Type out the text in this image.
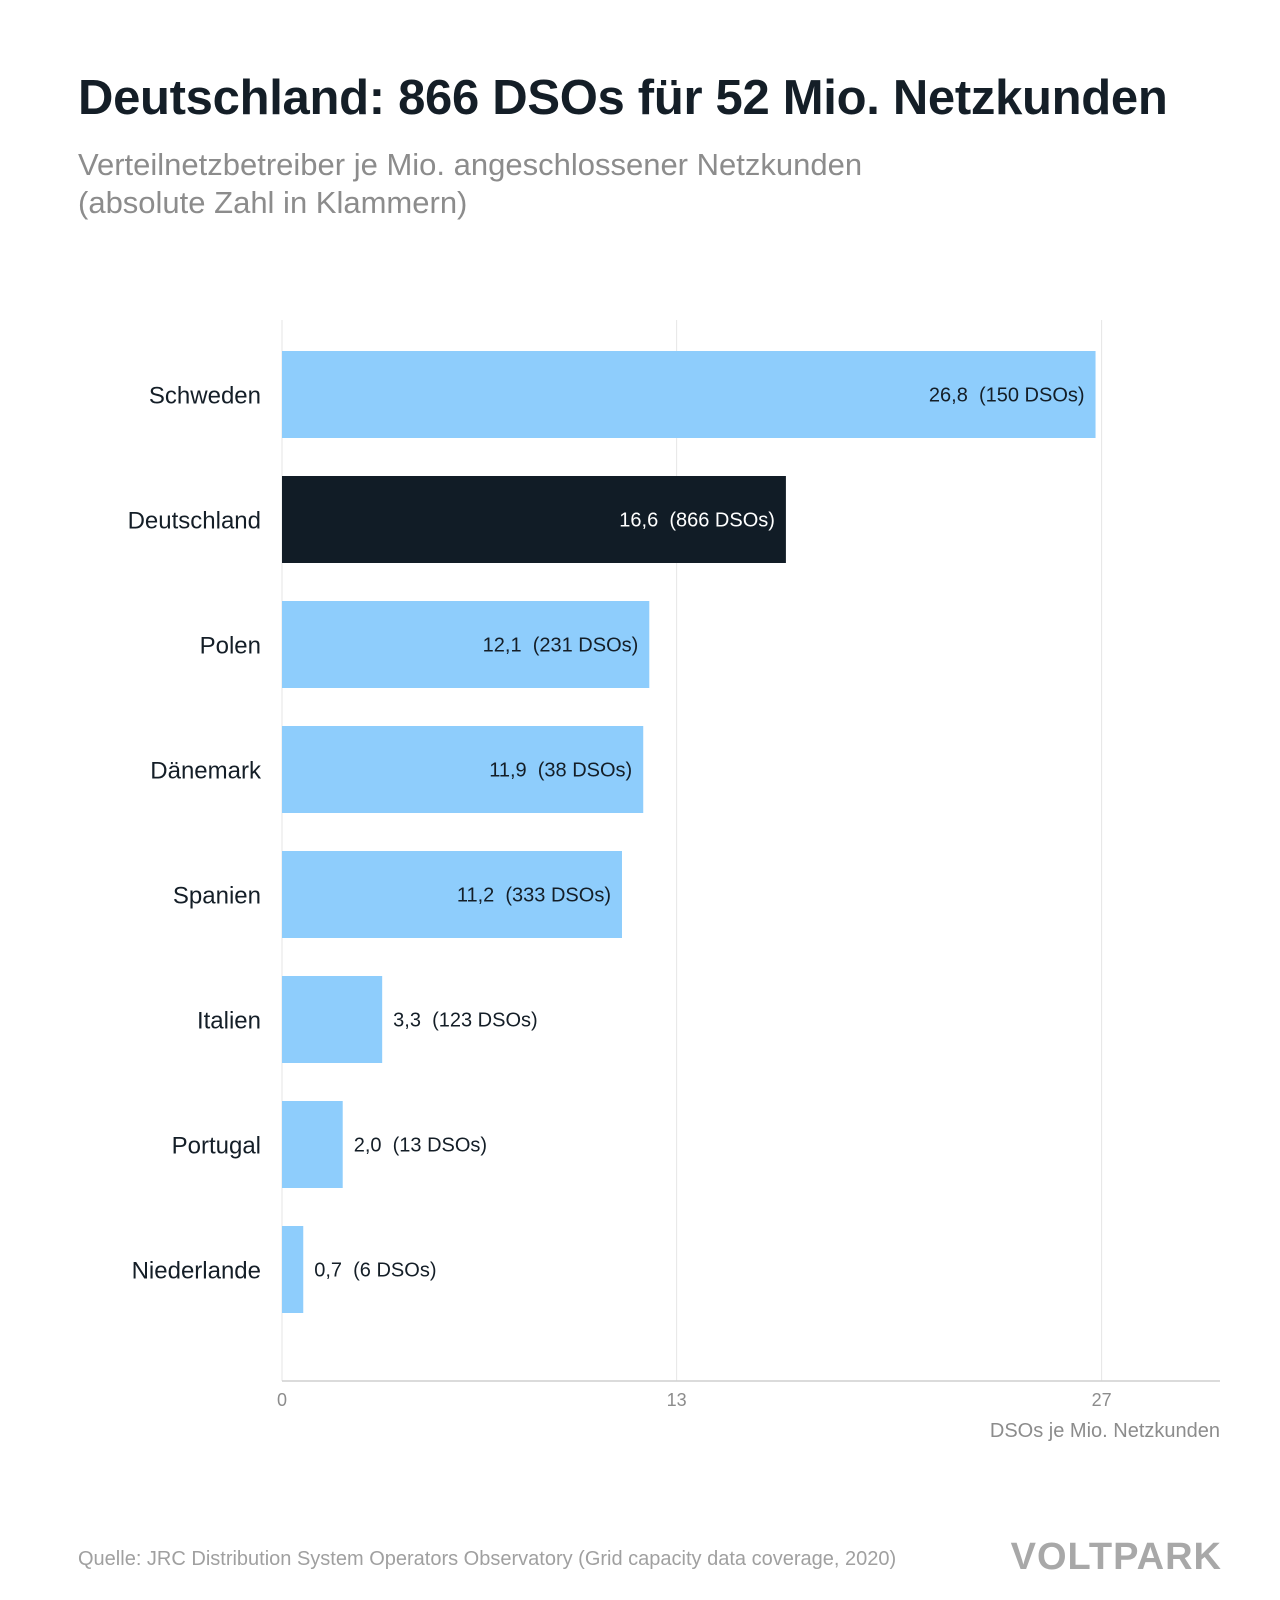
Deutschland: 866 DSOs für 52 Mio. Netzkunden
Verteilnetzbetreiber je Mio. angeschlossener Netzkunden
(absolute Zahl in Klammern)
Schweden	26,8  (150 DSOs)
Deutschland	16,6  (866 DSOs)
Polen	12,1  (231 DSOs)
Dänemark	11,9  (38 DSOs)
Spanien	11,2  (333 DSOs)
Italien	3,3  (123 DSOs)
Portugal	2,0  (13 DSOs)
Niederlande	0,7  (6 DSOs)
0	13	27
DSOs je Mio. Netzkunden
Quelle: JRC Distribution System Operators Observatory (Grid capacity data coverage, 2020)	VOLTPARK
